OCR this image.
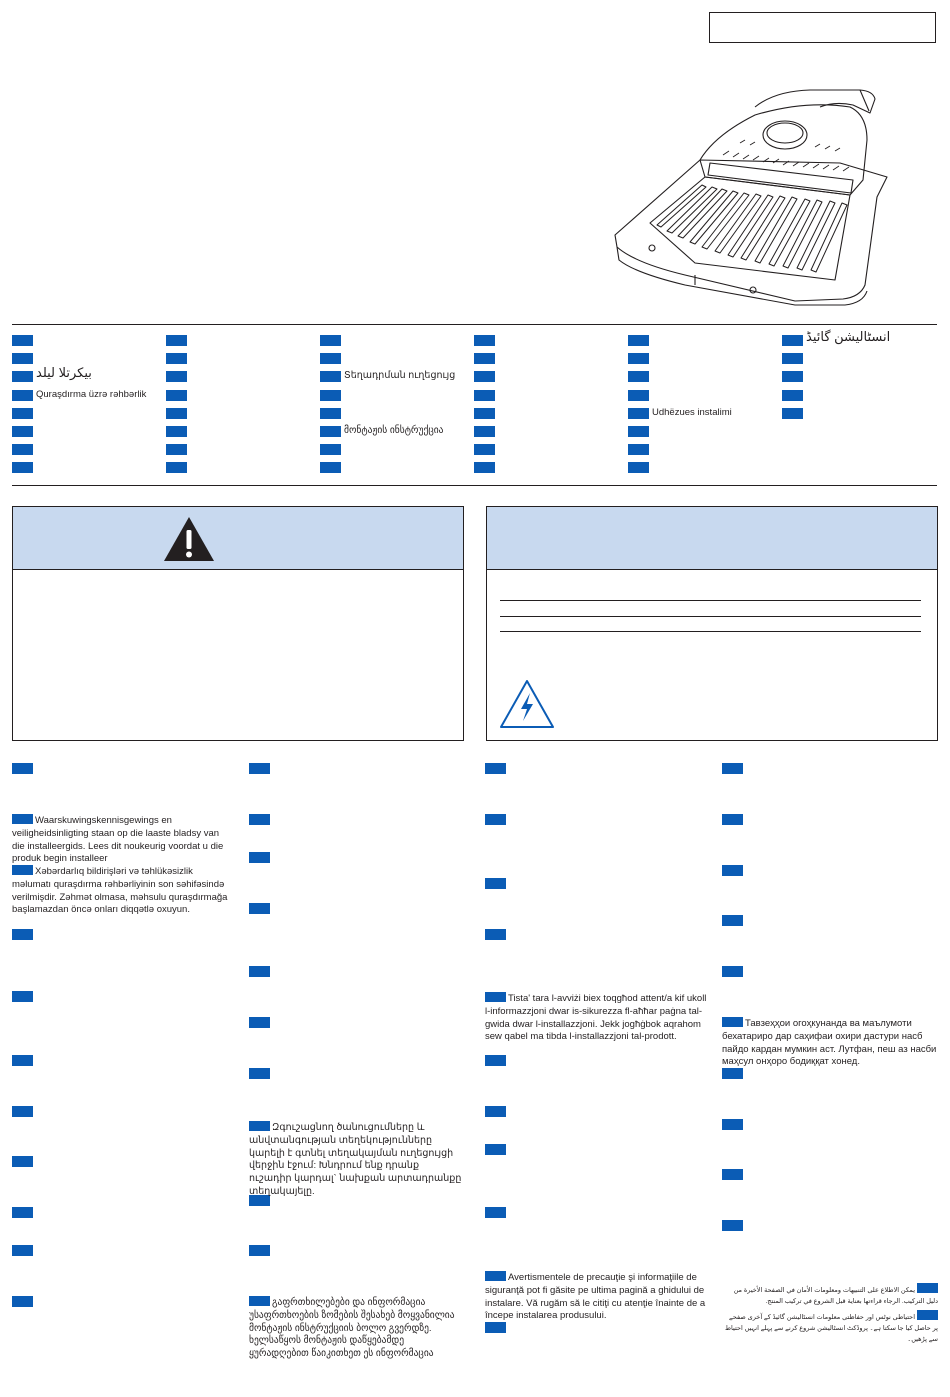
بیکرتلا لیلد
Quraşdırma üzrə rəhbərlik
Տեղադրման ուղեցույց
მონტაჟის ინსტრუქცია
Udhëzues instalimi
انسٹالیشن گائیڈ
Waarskuwingskennisgewings en veiligheidsinligting staan op die laaste bladsy van die installeergids. Lees dit noukeurig voordat u die produk begin installeer
Xəbərdarlıq bildirişləri və təhlükəsizlik məlumatı quraşdırma rəhbərliyinin son səhifəsində verilmişdir. Zəhmət olmasa, məhsulu quraşdırmağa başlamazdan öncə onları diqqətlə oxuyun.
Զգուշացնող ծանուցումները և անվտանգության տեղեկությունները կարելի է գտնել տեղակայման ուղեցույցի վերջին էջում: Խնդրում ենք դրանք ուշադիր կարդալ` նախքան արտադրանքը տեղակայելը.
გაფრთხილებები და ინფორმაცია უსაფრთხოების ზომების შესახებ მოყვანილია მონტაჟის ინსტრუქციის ბოლო გვერდზე. ხელსაწყოს მონტაჟის დაწყებამდე ყურადღებით წაიკითხეთ ეს ინფორმაცია
Tista' tara l-avviżi biex toqgħod attent/a kif ukoll l-informazzjoni dwar is-sikurezza fl-aħħar paġna tal-gwida dwar l-installazzjoni. Jekk jogħġbok aqrahom sew qabel ma tibda l-installazzjoni tal-prodott.
Avertismentele de precauţie şi informaţiile de siguranţă pot fi găsite pe ultima pagină a ghidului de instalare. Vă rugăm să le citiţi cu atenţie înainte de a începe instalarea produsului.
Тавзеҳҳои огоҳкунанда ва маълумоти бехатариро дар саҳифаи охири дастури насб пайдо кардан мумкин аст. Лутфан, пеш аз насби маҳсул онҳоро бодиққат хонед.
يمكن الاطلاع على التنبيهات ومعلومات الأمان في الصفحة الأخيرة من دليل التركيب. الرجاء قراءتها بعناية قبل الشروع في تركيب المنتج.
احتیاطی نوٹس اور حفاظتی معلومات انسٹالیشن گائیڈ کے آخری صفحے پر حاصل کیا جا سکتا ہے۔ پروڈکٹ انسٹالیشن شروع کرنے سے پہلے انہیں احتیاط سے پڑھیں۔
